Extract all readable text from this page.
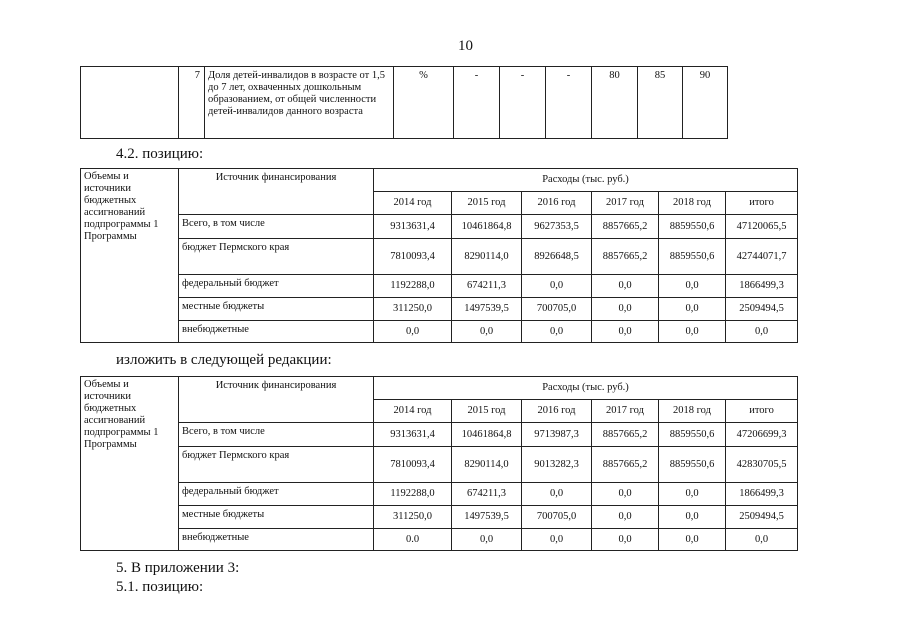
10
	7	Доля детей-инвалидов в возрасте от 1,5 до 7 лет, охваченных дошкольным образованием, от общей численности детей-инвалидов данного возраста	%	-	-	-	80	85	90
4.2. позицию:
Объемы и источники бюджетных ассигнований подпрограммы 1 Программы	Источник финансирования	Расходы (тыс. руб.)					
		2014 год	2015 год	2016 год	2017 год	2018 год	итого
	Всего, в том числе	9313631,4	10461864,8	9627353,5	8857665,2	8859550,6	47120065,5
	бюджет Пермского края	7810093,4	8290114,0	8926648,5	8857665,2	8859550,6	42744071,7
	федеральный бюджет	1192288,0	674211,3	0,0	0,0	0,0	1866499,3
	местные бюджеты	311250,0	1497539,5	700705,0	0,0	0,0	2509494,5
	внебюджетные	0,0	0,0	0,0	0,0	0,0	0,0
изложить в следующей редакции:
Объемы и источники бюджетных ассигнований подпрограммы 1 Программы	Источник финансирования	Расходы (тыс. руб.)					
		2014 год	2015 год	2016 год	2017 год	2018 год	итого
	Всего, в том числе	9313631,4	10461864,8	9713987,3	8857665,2	8859550,6	47206699,3
	бюджет Пермского края	7810093,4	8290114,0	9013282,3	8857665,2	8859550,6	42830705,5
	федеральный бюджет	1192288,0	674211,3	0,0	0,0	0,0	1866499,3
	местные бюджеты	311250,0	1497539,5	700705,0	0,0	0,0	2509494,5
	внебюджетные	0.0	0,0	0,0	0,0	0,0	0,0
5. В приложении 3:
5.1. позицию:
